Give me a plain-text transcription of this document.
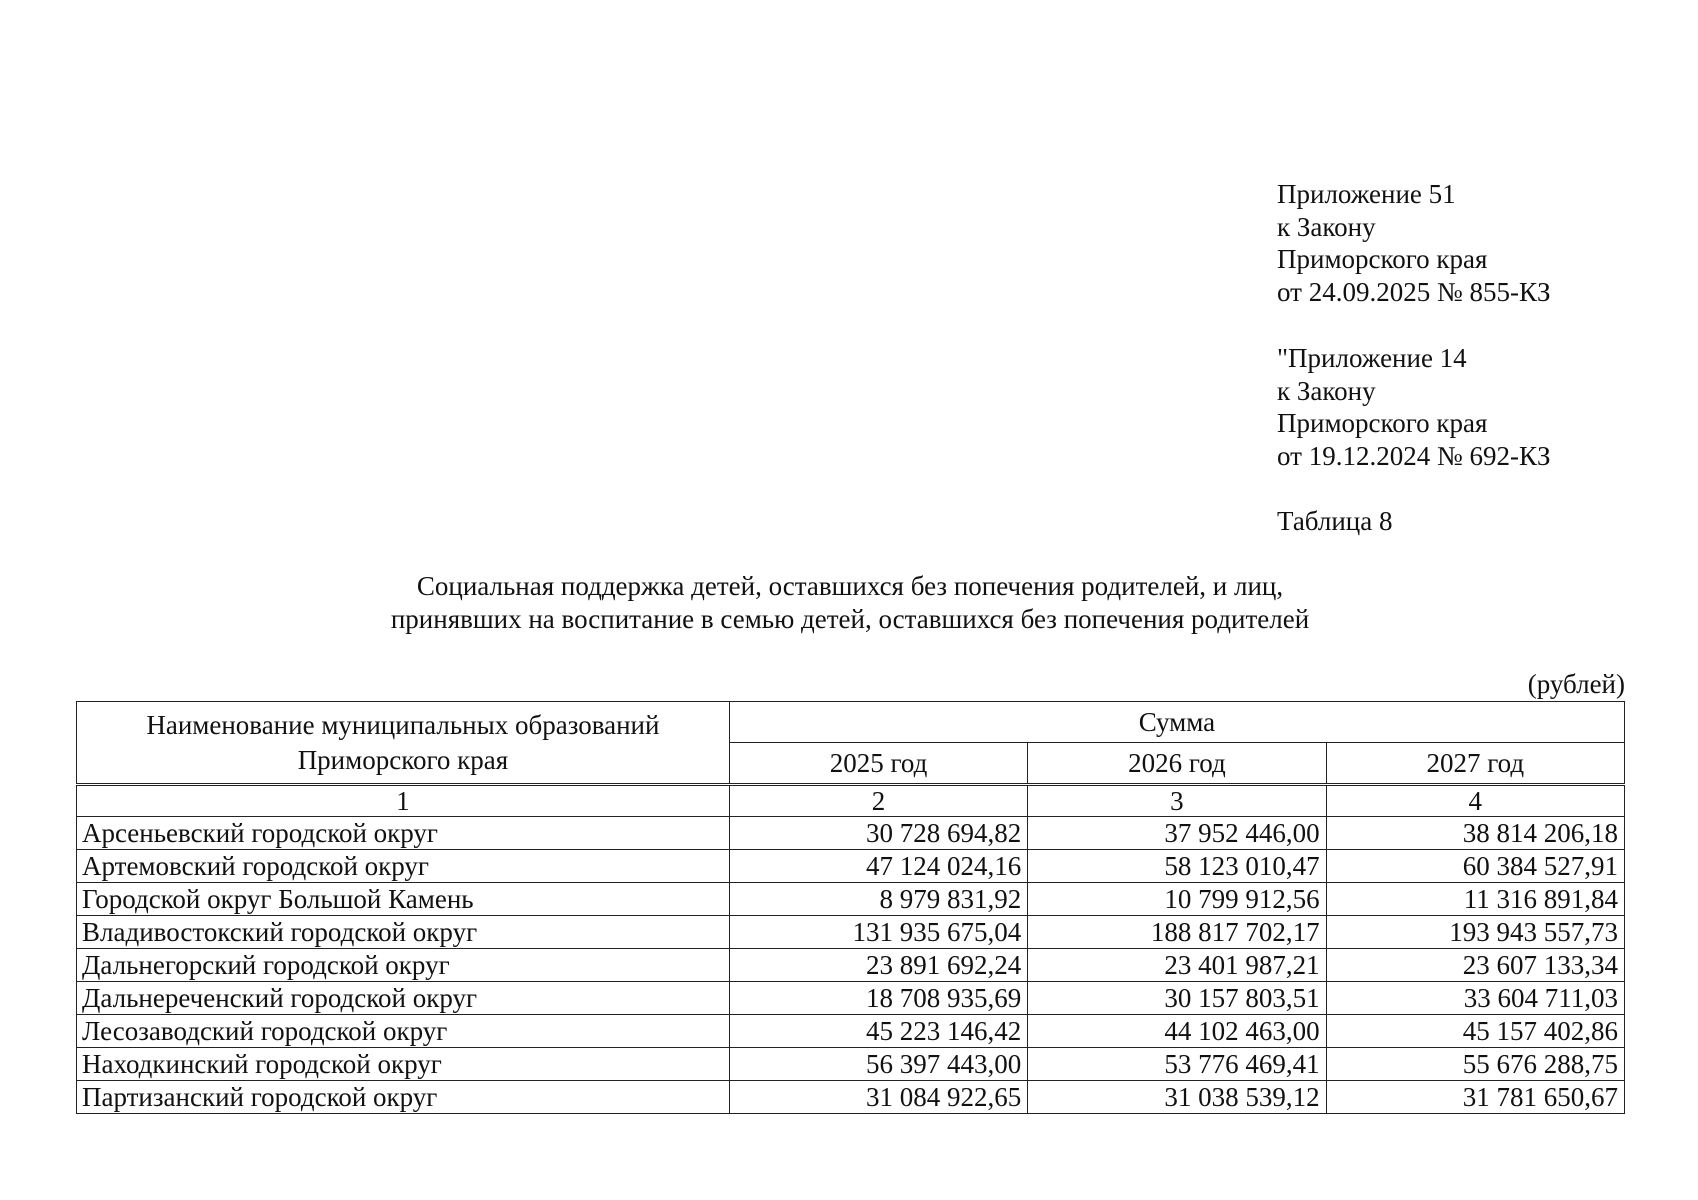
Приложение 51
к Закону
Приморского края
от 24.09.2025 № 855-КЗ
"Приложение 14
к Закону
Приморского края
от 19.12.2024 № 692-КЗ
Таблица 8
Социальная поддержка детей, оставшихся без попечения родителей, и лиц,
принявших на воспитание в семью детей, оставшихся без попечения родителей
(рублей)
Наименование муниципальных образований
Приморского края	Сумма		
	2025 год	2026 год	2027 год
1	2	3	4
Арсеньевский городской округ	30 728 694,82	37 952 446,00	38 814 206,18
Артемовский городской округ	47 124 024,16	58 123 010,47	60 384 527,91
Городской округ Большой Камень	8 979 831,92	10 799 912,56	11 316 891,84
Владивостокский городской округ	131 935 675,04	188 817 702,17	193 943 557,73
Дальнегорский городской округ	23 891 692,24	23 401 987,21	23 607 133,34
Дальнереченский городской округ	18 708 935,69	30 157 803,51	33 604 711,03
Лесозаводский городской округ	45 223 146,42	44 102 463,00	45 157 402,86
Находкинский городской округ	56 397 443,00	53 776 469,41	55 676 288,75
Партизанский городской округ	31 084 922,65	31 038 539,12	31 781 650,67
